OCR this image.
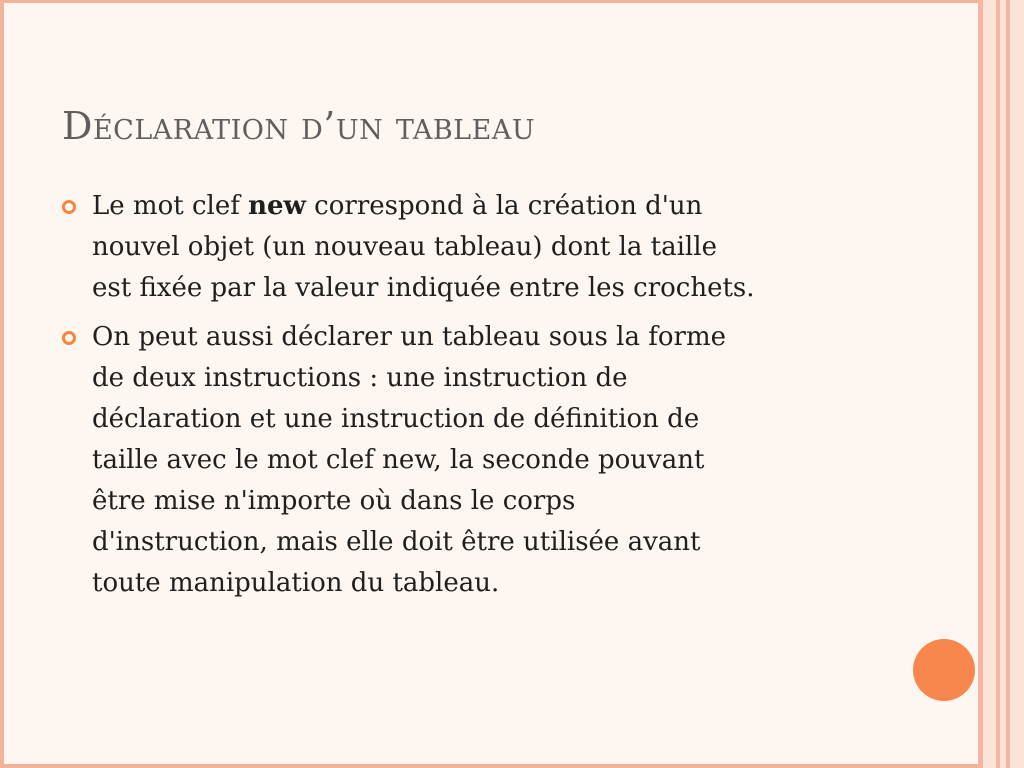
Déclaration d’un tableau
Le mot clef new correspond à la création d'un
nouvel objet (un nouveau tableau) dont la taille
est fixée par la valeur indiquée entre les crochets.
On peut aussi déclarer un tableau sous la forme
de deux instructions : une instruction de
déclaration et une instruction de définition de
taille avec le mot clef new, la seconde pouvant
être mise n'importe où dans le corps
d'instruction, mais elle doit être utilisée avant
toute manipulation du tableau.
